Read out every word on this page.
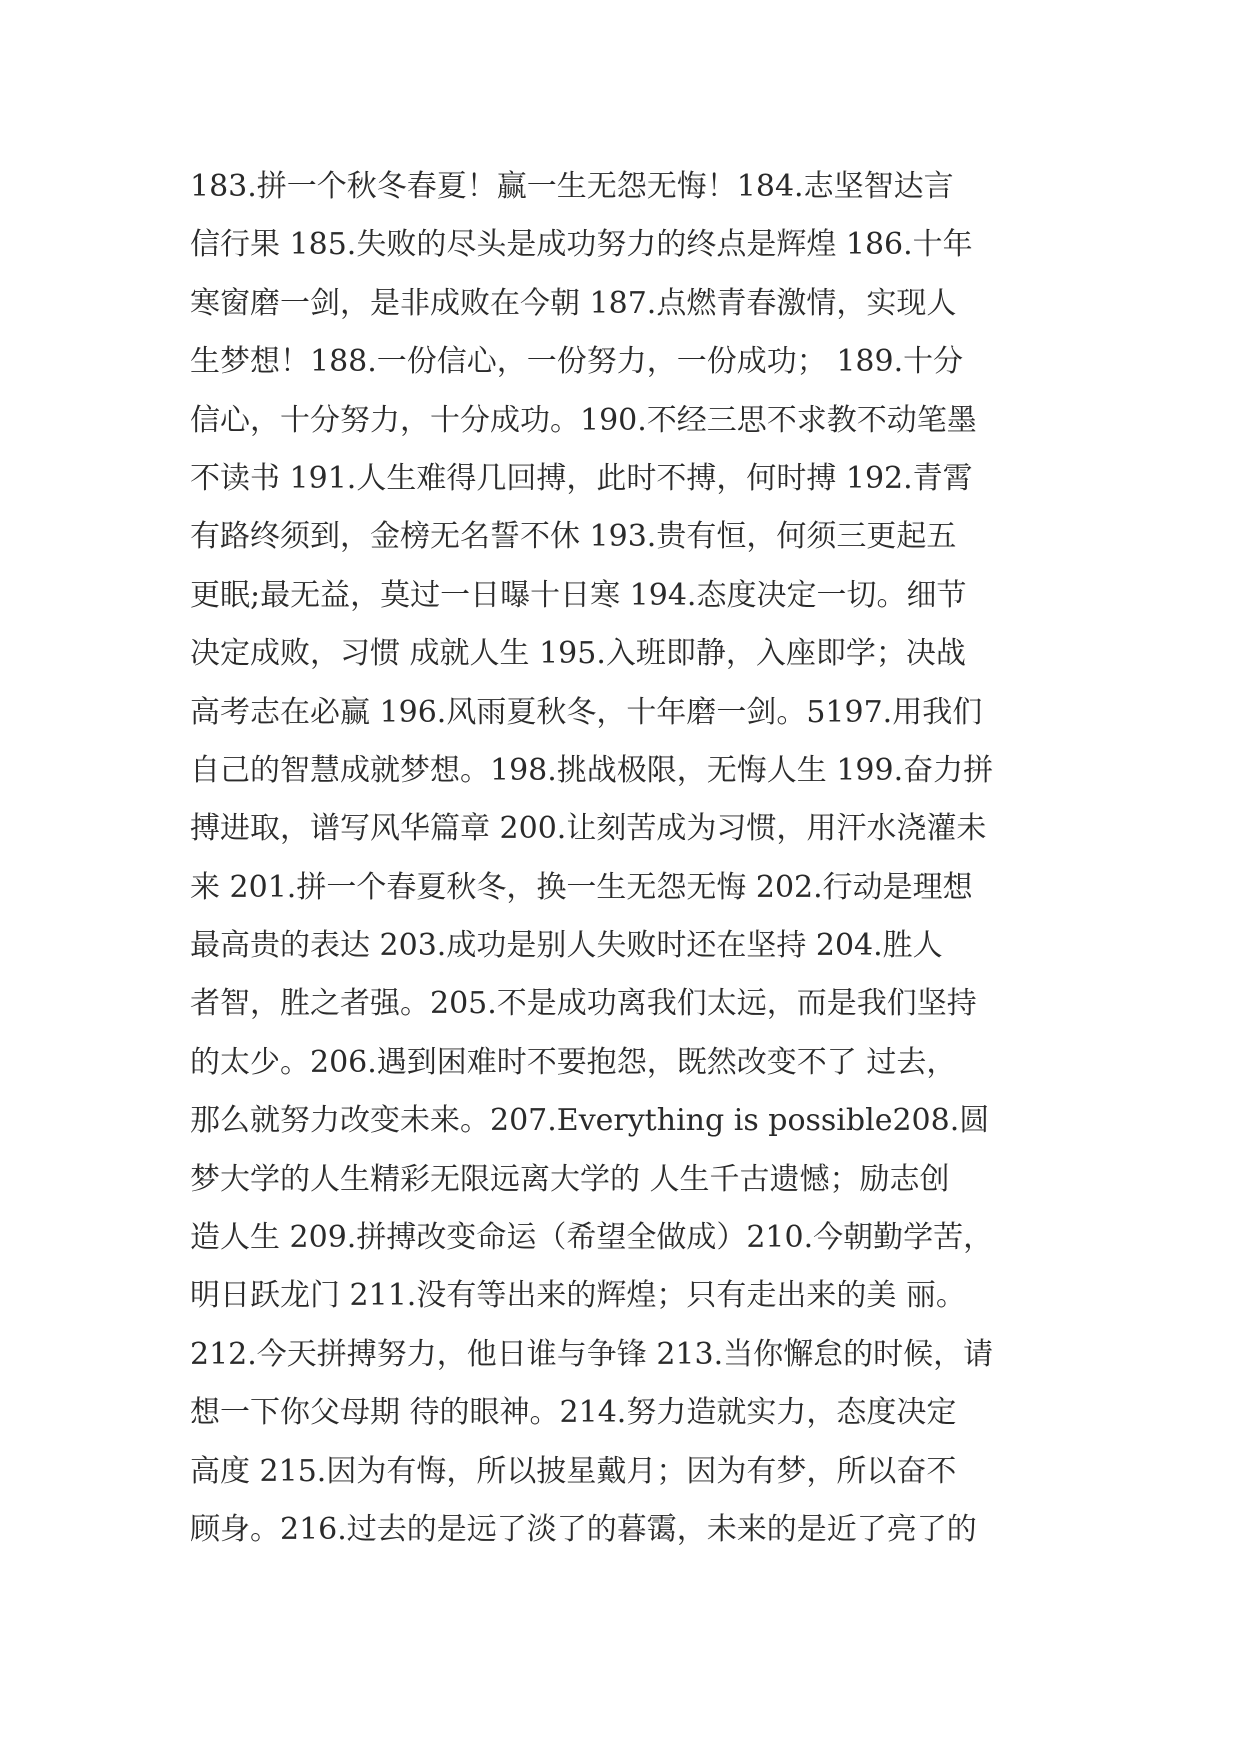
183.拼一个秋冬春夏！赢一生无怨无悔！184.志坚智达言
信行果 185.失败的尽头是成功努力的终点是辉煌 186.十年
寒窗磨一剑，是非成败在今朝 187.点燃青春激情，实现人
生梦想！188.一份信心，一份努力，一份成功； 189.十分
信心，十分努力，十分成功。190.不经三思不求教不动笔墨
不读书 191.人生难得几回搏，此时不搏，何时搏 192.青霄
有路终须到，金榜无名誓不休 193.贵有恒，何须三更起五
更眠;最无益，莫过一日曝十日寒 194.态度决定一切。细节
决定成败，习惯 成就人生 195.入班即静，入座即学；决战
高考志在必赢 196.风雨夏秋冬，十年磨一剑。5197.用我们
自己的智慧成就梦想。198.挑战极限，无悔人生 199.奋力拼
搏进取，谱写风华篇章 200.让刻苦成为习惯，用汗水浇灌未
来 201.拼一个春夏秋冬，换一生无怨无悔 202.行动是理想
最高贵的表达 203.成功是别人失败时还在坚持 204.胜人
者智，胜之者强。205.不是成功离我们太远，而是我们坚持
的太少。206.遇到困难时不要抱怨，既然改变不了 过去，
那么就努力改变未来。207.Everything is possible208.圆
梦大学的人生精彩无限远离大学的 人生千古遗憾；励志创
造人生 209.拼搏改变命运（希望全做成）210.今朝勤学苦，
明日跃龙门 211.没有等出来的辉煌；只有走出来的美 丽。
212.今天拼搏努力，他日谁与争锋 213.当你懈怠的时候，请
想一下你父母期 待的眼神。214.努力造就实力，态度决定
高度 215.因为有悔，所以披星戴月；因为有梦，所以奋不
顾身。216.过去的是远了淡了的暮霭，未来的是近了亮了的
